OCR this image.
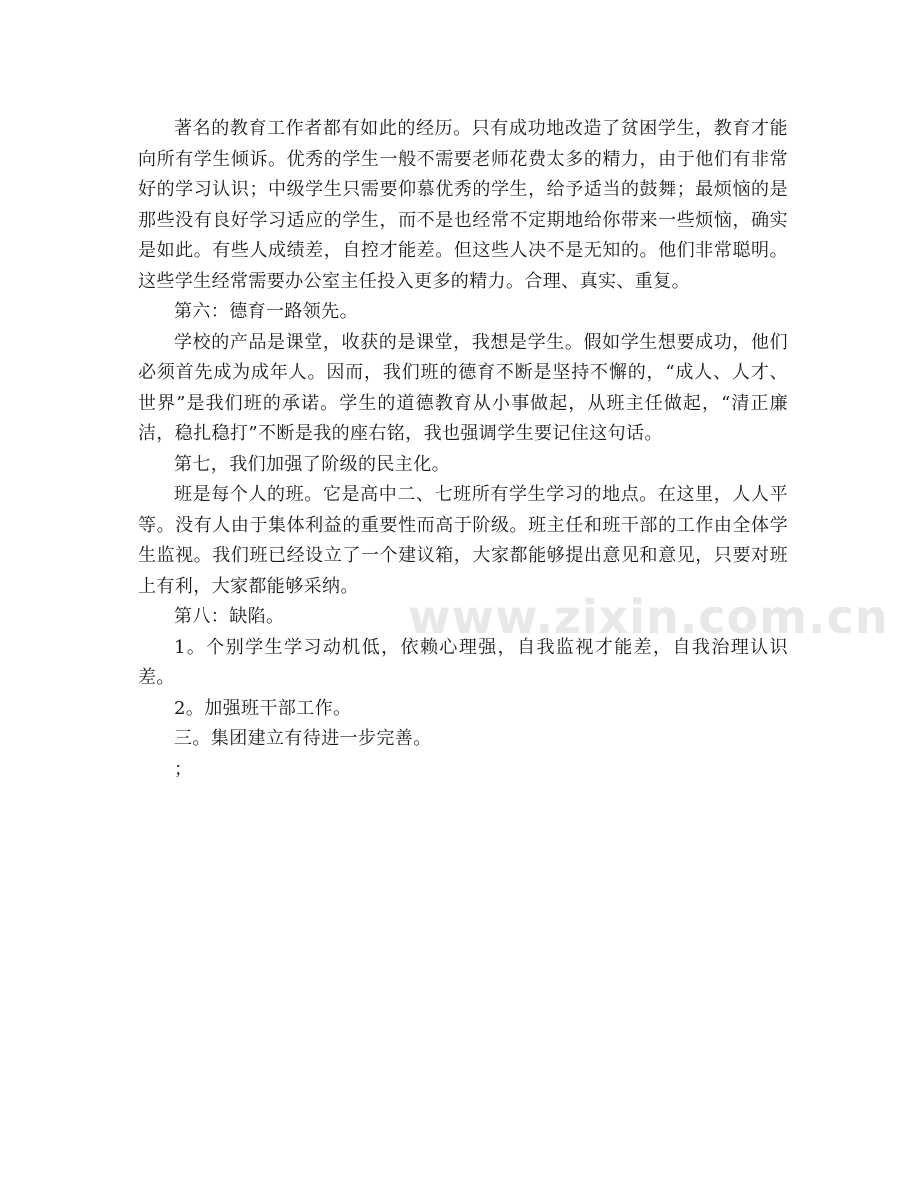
www.zixin.com.cn

著名的教育工作者都有如此的经历。只有成功地改造了贫困学生，教育才能向所有学生倾诉。优秀的学生一般不需要老师花费太多的精力，由于他们有非常好的学习认识；中级学生只需要仰慕优秀的学生，给予适当的鼓舞；最烦恼的是那些没有良好学习适应的学生，而不是也经常不定期地给你带来一些烦恼，确实是如此。有些人成绩差，自控才能差。但这些人决不是无知的。他们非常聪明。这些学生经常需要办公室主任投入更多的精力。合理、真实、重复。

第六：德育一路领先。

学校的产品是课堂，收获的是课堂，我想是学生。假如学生想要成功，他们必须首先成为成年人。因而，我们班的德育不断是坚持不懈的，“成人、人才、世界”是我们班的承诺。学生的道德教育从小事做起，从班主任做起，“清正廉洁，稳扎稳打”不断是我的座右铭，我也强调学生要记住这句话。

第七，我们加强了阶级的民主化。

班是每个人的班。它是高中二、七班所有学生学习的地点。在这里，人人平等。没有人由于集体利益的重要性而高于阶级。班主任和班干部的工作由全体学生监视。我们班已经设立了一个建议箱，大家都能够提出意见和意见，只要对班上有利，大家都能够采纳。

第八：缺陷。

1。个别学生学习动机低，依赖心理强，自我监视才能差，自我治理认识差。

2。加强班干部工作。

三。集团建立有待进一步完善。

；
